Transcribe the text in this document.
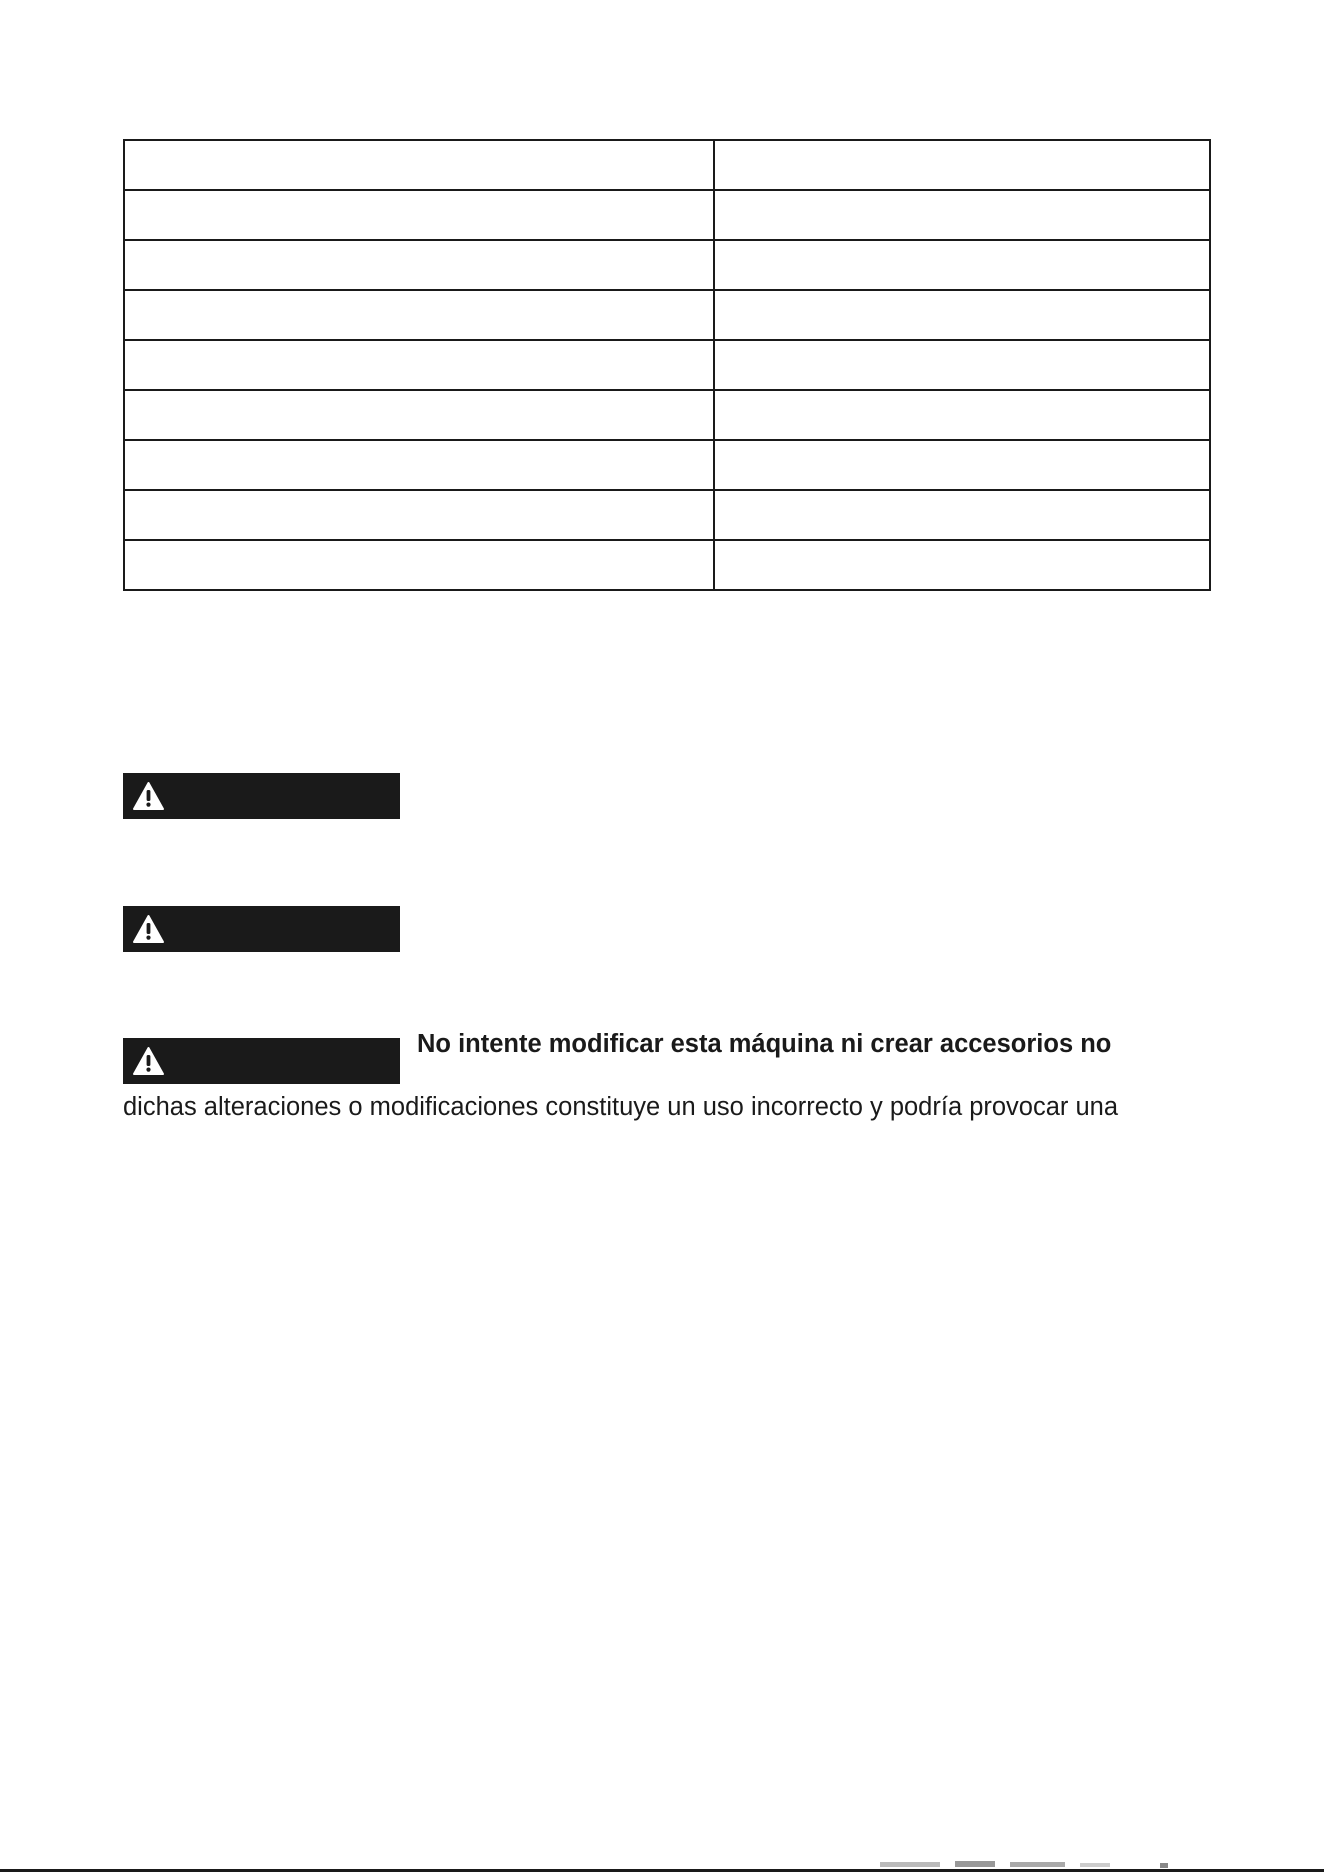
No intente modificar esta máquina ni crear accesorios no

dichas alteraciones o modificaciones constituye un uso incorrecto y podría provocar una
